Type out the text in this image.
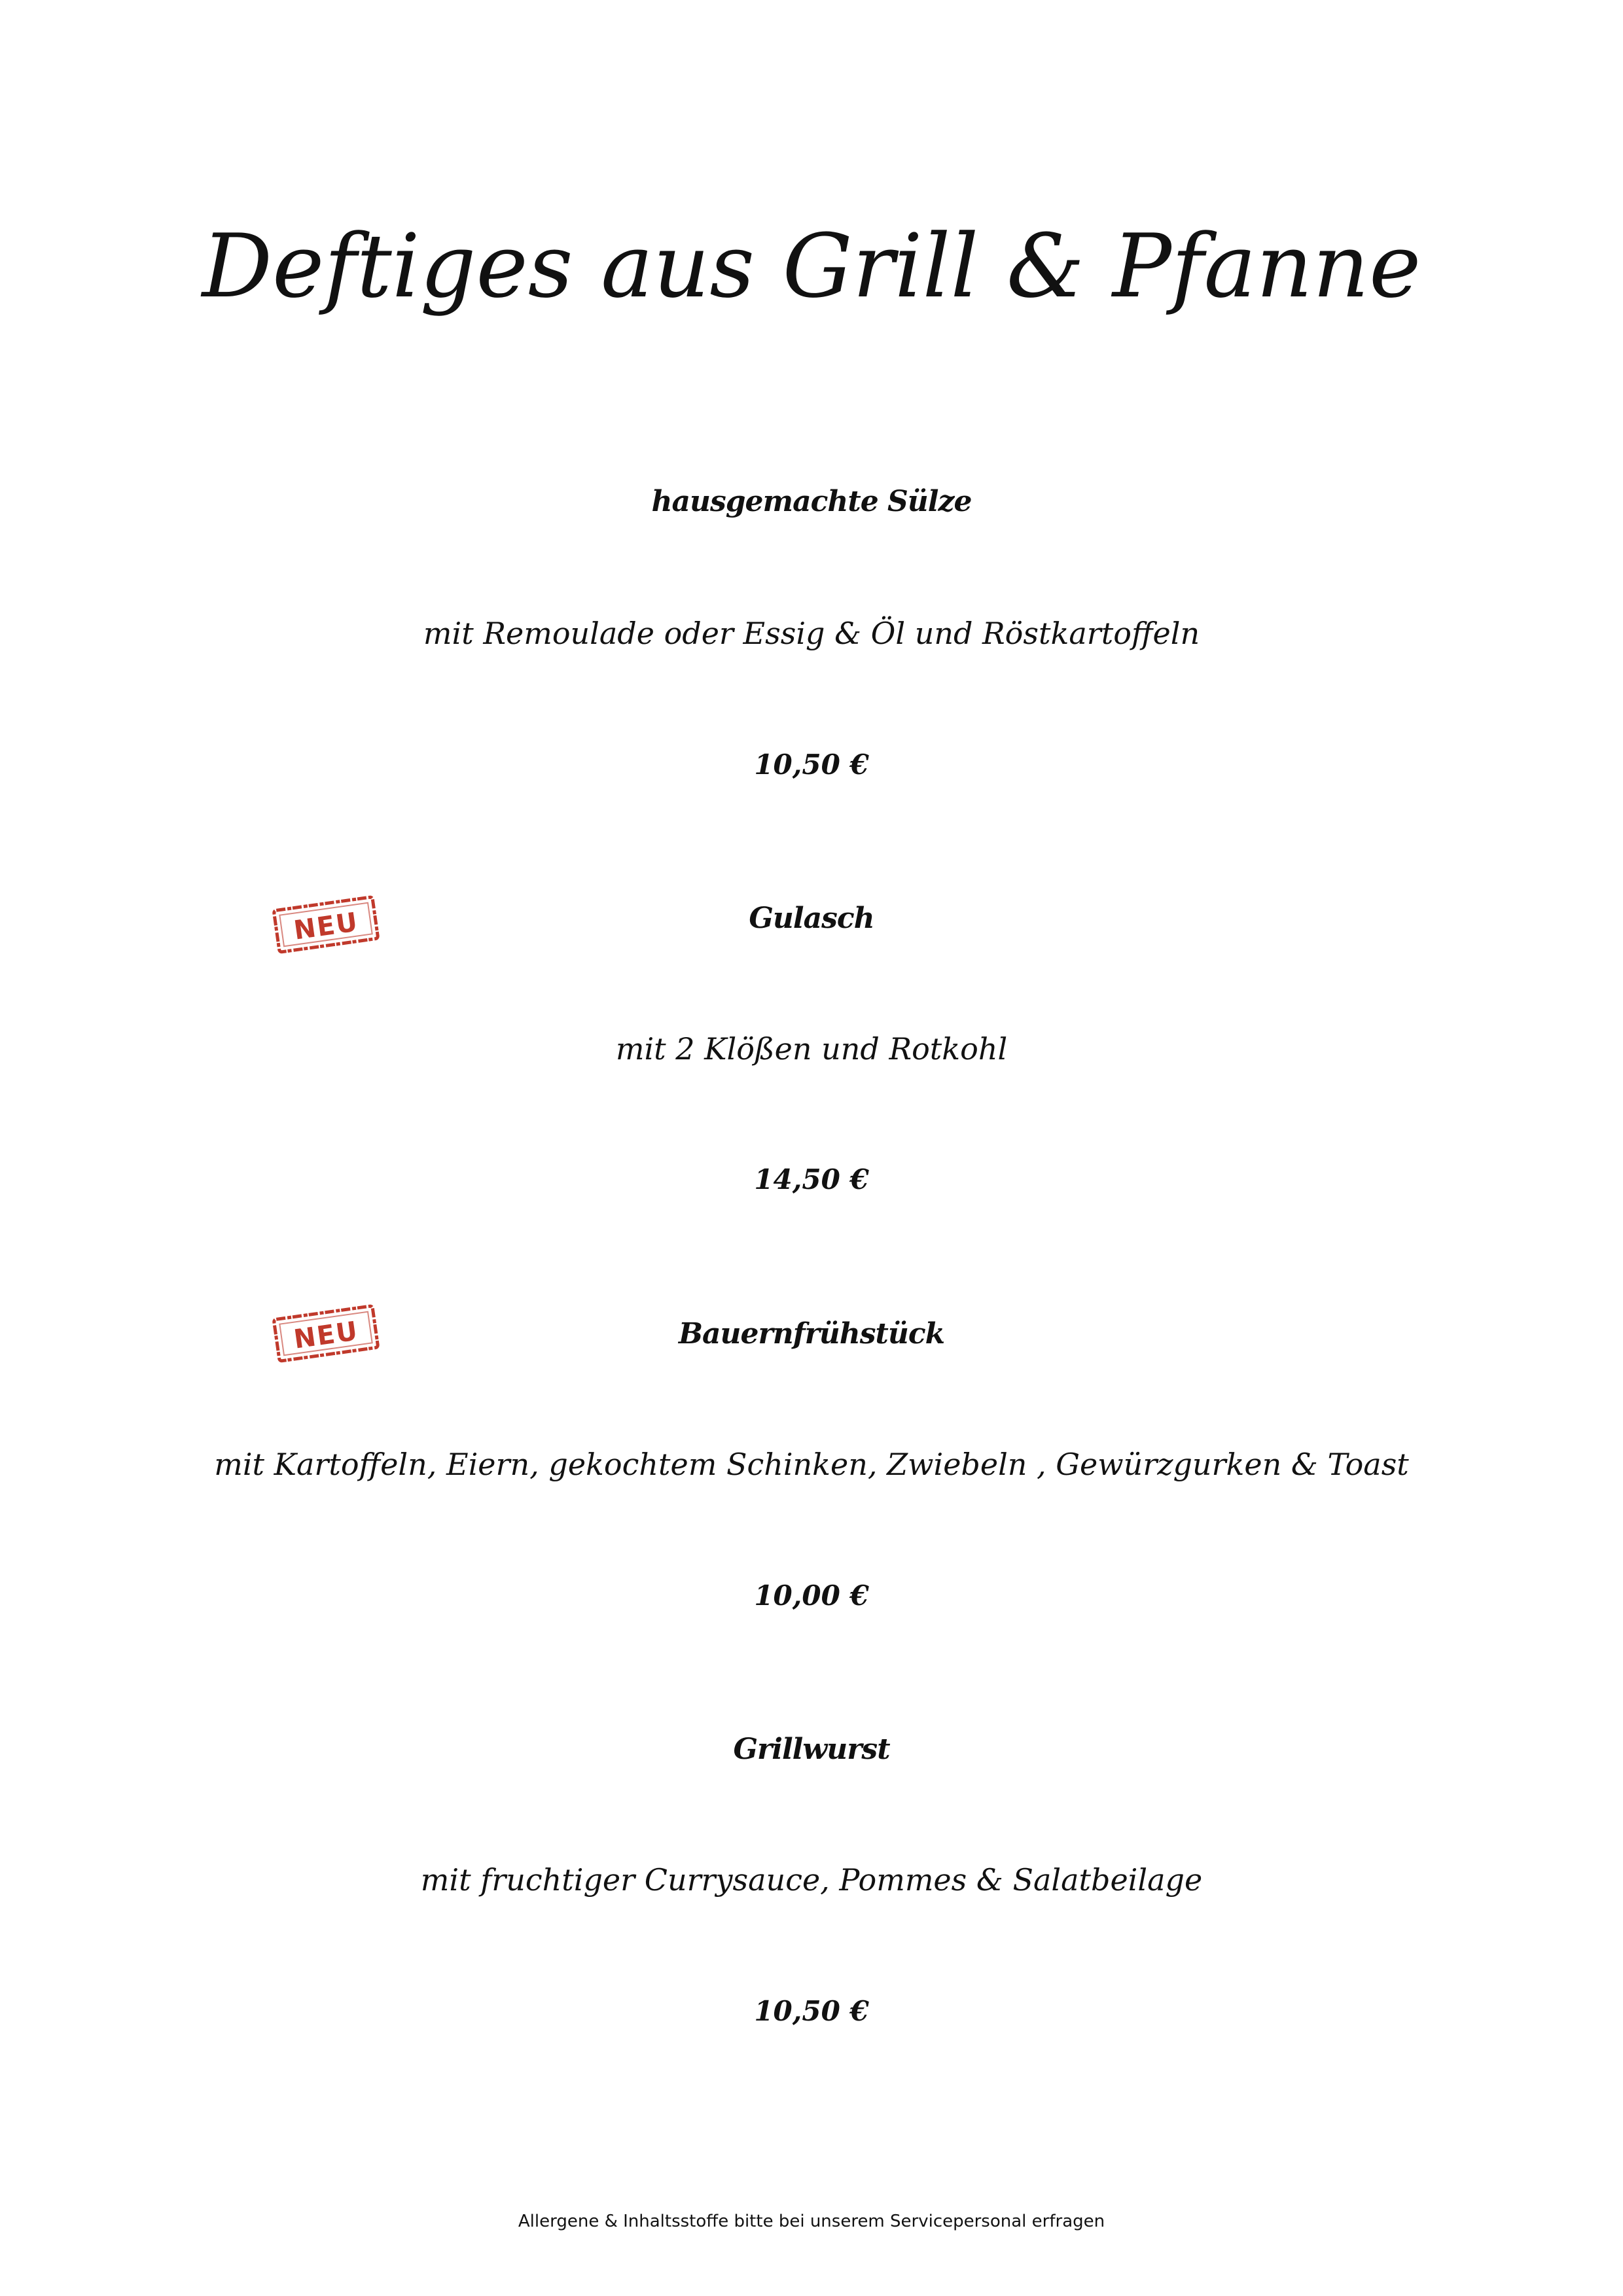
Deftiges aus Grill & Pfanne
hausgemachte Sülze
mit Remoulade oder Essig & Öl und Röstkartoffeln
10,50 €
NEU	Gulasch
mit 2 Klößen und Rotkohl
14,50 €
NEU	Bauernfrühstück
mit Kartoffeln, Eiern, gekochtem Schinken, Zwiebeln , Gewürzgurken & Toast
10,00 €
Grillwurst
mit fruchtiger Currysauce, Pommes & Salatbeilage
10,50 €
Allergene & Inhaltsstoffe bitte bei unserem Servicepersonal erfragen
